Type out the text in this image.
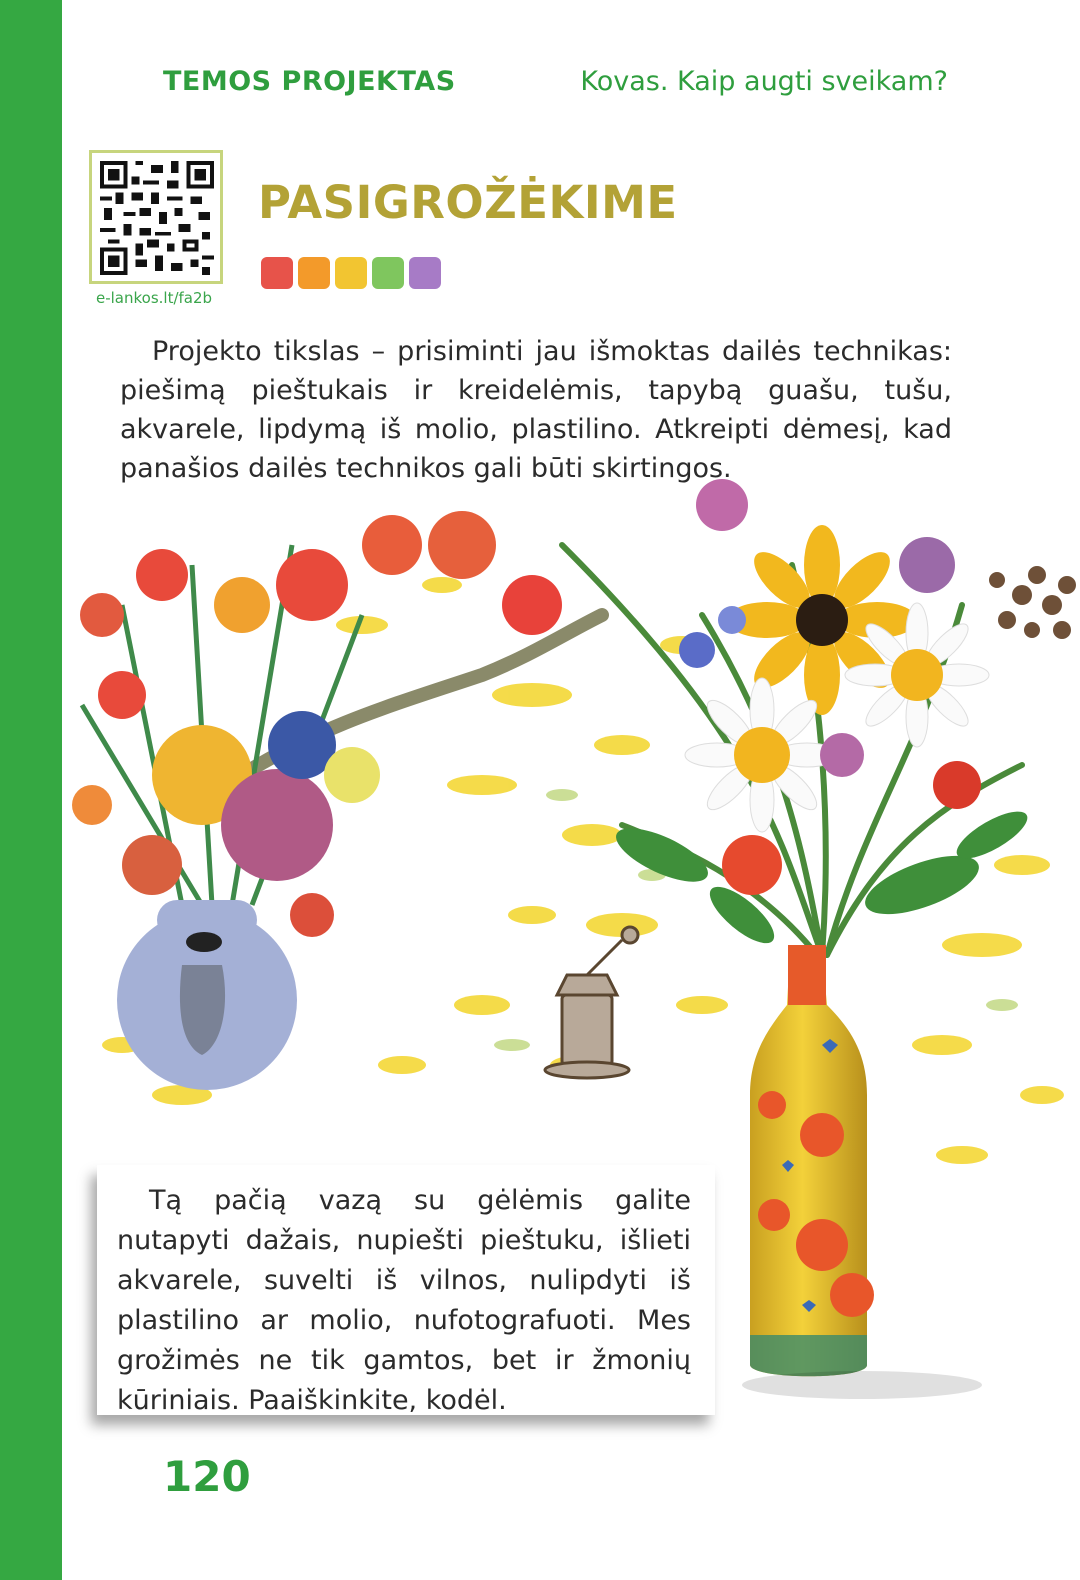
TEMOS PROJEKTAS	Kovas. Kaip augti sveikam?
e-lankos.lt/fa2b
PASIGROŽĖKIME
Projekto tikslas – prisiminti jau išmoktas dailės technikas: piešimą pieštukais ir kreidelėmis, tapybą guašu, tušu, akvarele, lipdymą iš molio, plastilino. Atkreipti dėmesį, kad panašios dailės technikos gali būti skirtingos.
Tą pačią vazą su gėlėmis galite nutapyti dažais, nupiešti pieštuku, išlieti akvarele, suvelti iš vilnos, nulipdyti iš plastilino ar molio, nufotografuoti. Mes grožimės ne tik gamtos, bet ir žmonių kūriniais. Paaiškinkite, kodėl.
120
